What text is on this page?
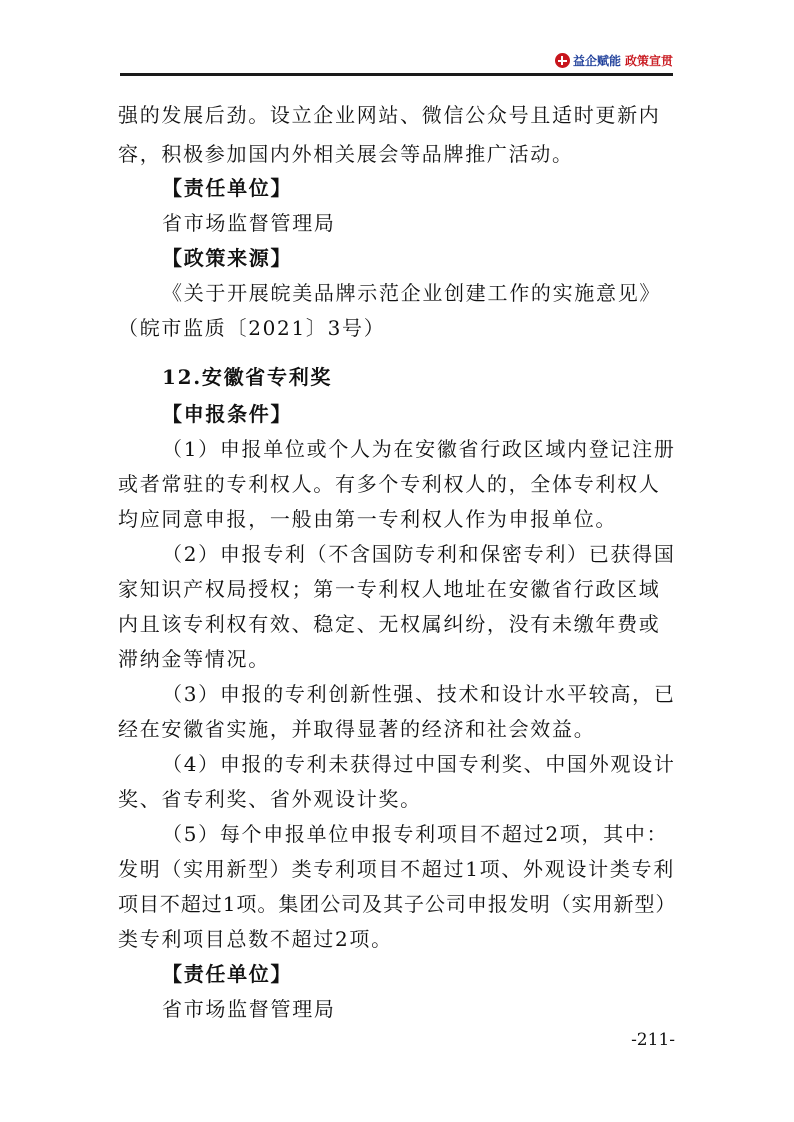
益企赋能 政策宣贯
强的发展后劲。设立企业网站、微信公众号且适时更新内
容，积极参加国内外相关展会等品牌推广活动。
【责任单位】
省市场监督管理局
【政策来源】
《关于开展皖美品牌示范企业创建工作的实施意见》
（皖市监质〔2021〕3号）
12.安徽省专利奖
【申报条件】
（1）申报单位或个人为在安徽省行政区域内登记注册
或者常驻的专利权人。有多个专利权人的，全体专利权人
均应同意申报，一般由第一专利权人作为申报单位。
（2）申报专利（不含国防专利和保密专利）已获得国
家知识产权局授权；第一专利权人地址在安徽省行政区域
内且该专利权有效、稳定、无权属纠纷，没有未缴年费或
滞纳金等情况。
（3）申报的专利创新性强、技术和设计水平较高，已
经在安徽省实施，并取得显著的经济和社会效益。
（4）申报的专利未获得过中国专利奖、中国外观设计
奖、省专利奖、省外观设计奖。
（5）每个申报单位申报专利项目不超过2项，其中：
发明（实用新型）类专利项目不超过1项、外观设计类专利
项目不超过1项。集团公司及其子公司申报发明（实用新型）
类专利项目总数不超过2项。
【责任单位】
省市场监督管理局
-211-
